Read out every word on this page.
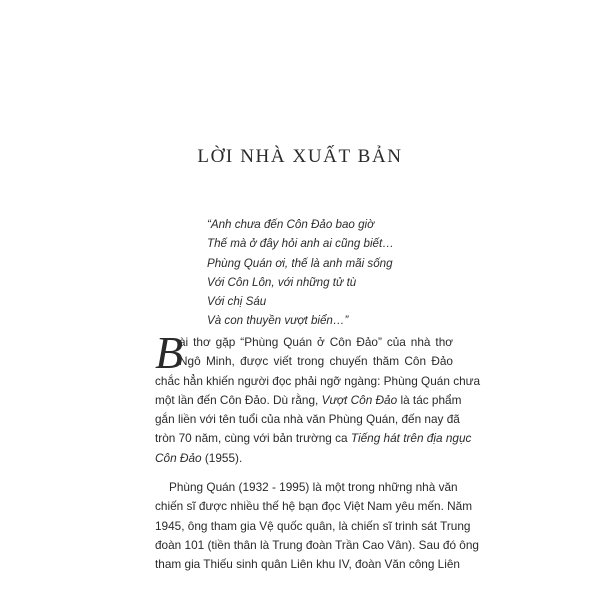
LỜI NHÀ XUẤT BẢN
“Anh chưa đến Côn Đảo bao giờ
Thế mà ở đây hỏi anh ai cũng biết…
Phùng Quán ơi, thế là anh mãi sống
Với Côn Lôn, với những tử tù
Với chị Sáu
Và con thuyền vượt biển…”
B
ài thơ gặp “Phùng Quán ở Côn Đảo” của nhà thơ
Ngô Minh, được viết trong chuyến thăm Côn Đảo
chắc hẳn khiến người đọc phải ngỡ ngàng: Phùng Quán chưa
một lần đến Côn Đảo. Dù rằng, Vượt Côn Đảo là tác phẩm
gắn liền với tên tuổi của nhà văn Phùng Quán, đến nay đã
tròn 70 năm, cùng với bản trường ca Tiếng hát trên địa ngục
Côn Đảo (1955).
Phùng Quán (1932 - 1995) là một trong những nhà văn
chiến sĩ được nhiều thế hệ bạn đọc Việt Nam yêu mến. Năm
1945, ông tham gia Vệ quốc quân, là chiến sĩ trinh sát Trung
đoàn 101 (tiền thân là Trung đoàn Trần Cao Vân). Sau đó ông
tham gia Thiếu sinh quân Liên khu IV, đoàn Văn công Liên
